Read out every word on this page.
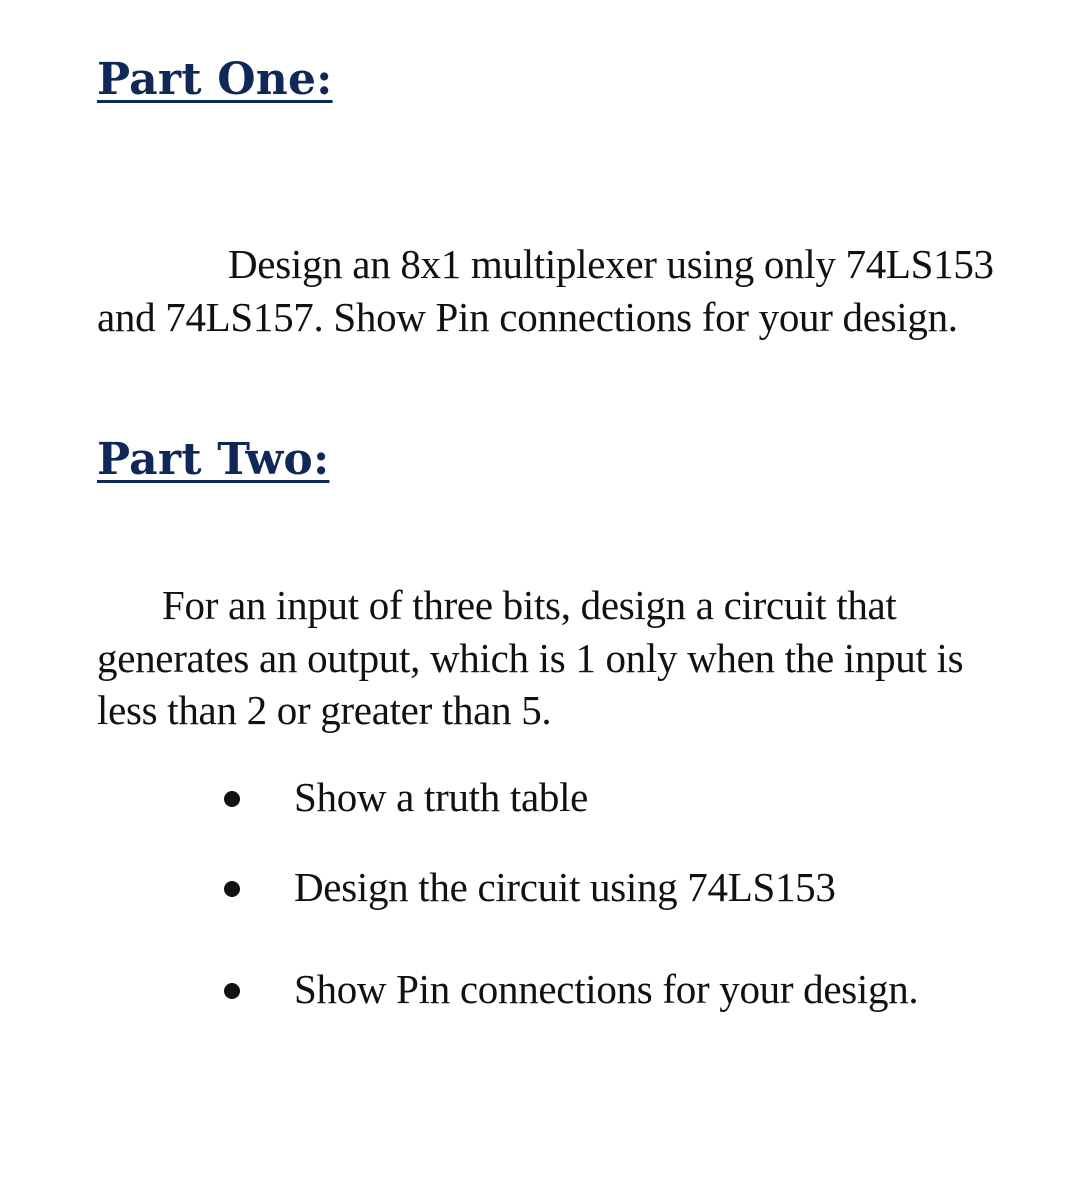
Part One:

Design an 8x1 multiplexer using only 74LS153 and 74LS157. Show Pin connections for your design.

Part Two:

For an input of three bits, design a circuit that generates an output, which is 1 only when the input is less than 2 or greater than 5.

Show a truth table
Design the circuit using 74LS153
Show Pin connections for your design.
